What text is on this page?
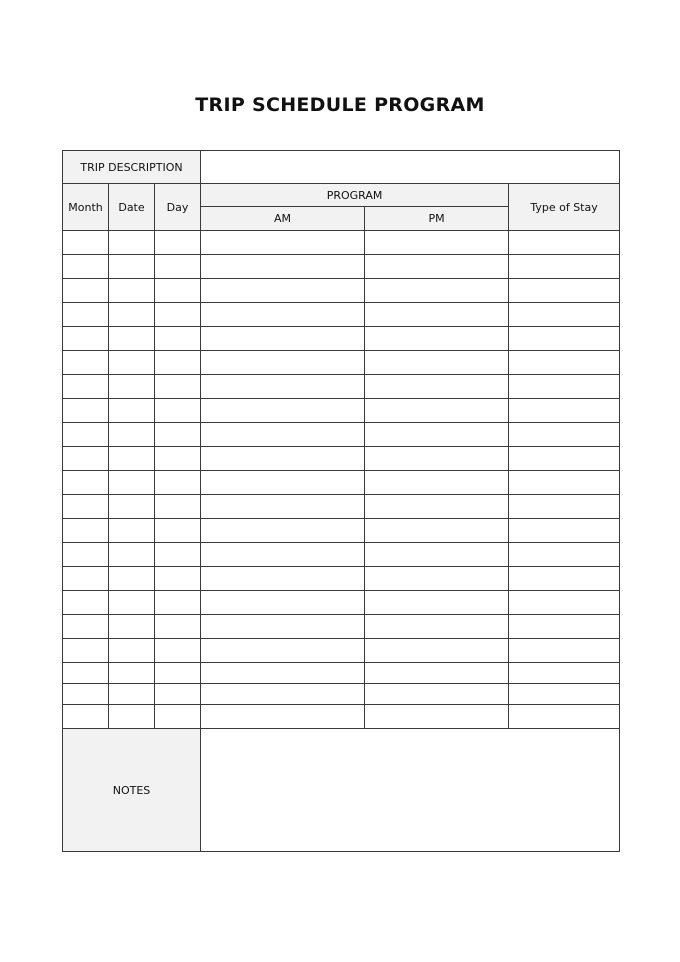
TRIP SCHEDULE PROGRAM
TRIP DESCRIPTION					
Month	Date	Day	PROGRAM		Type of Stay
			AM	PM	

NOTES					
